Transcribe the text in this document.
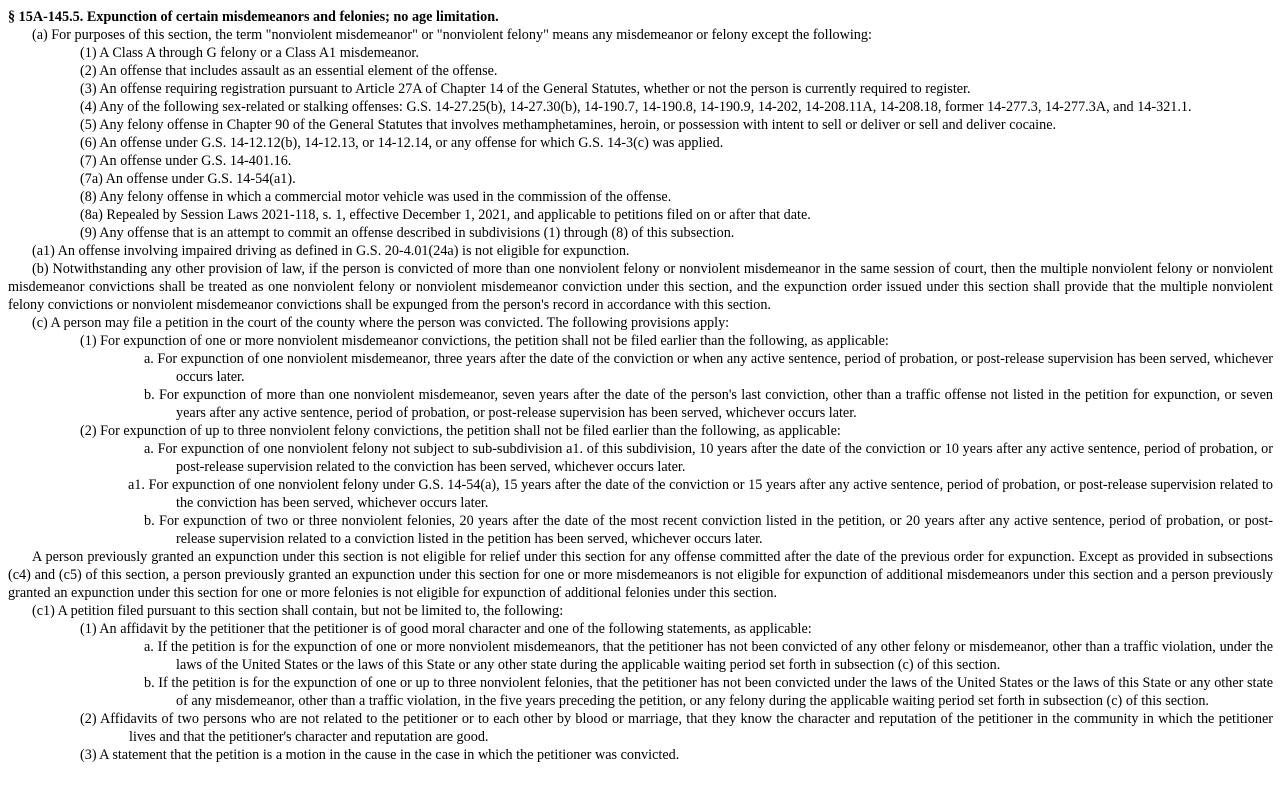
§ 15A-145.5. Expunction of certain misdemeanors and felonies; no age limitation.

(a) For purposes of this section, the term "nonviolent misdemeanor" or "nonviolent felony" means any misdemeanor or felony except the following:

(1) A Class A through G felony or a Class A1 misdemeanor.

(2) An offense that includes assault as an essential element of the offense.

(3) An offense requiring registration pursuant to Article 27A of Chapter 14 of the General Statutes, whether or not the person is currently required to register.

(4) Any of the following sex-related or stalking offenses: G.S. 14-27.25(b), 14-27.30(b), 14-190.7, 14-190.8, 14-190.9, 14-202, 14-208.11A, 14-208.18, former 14-277.3, 14-277.3A, and 14-321.1.

(5) Any felony offense in Chapter 90 of the General Statutes that involves methamphetamines, heroin, or possession with intent to sell or deliver or sell and deliver cocaine.

(6) An offense under G.S. 14-12.12(b), 14-12.13, or 14-12.14, or any offense for which G.S. 14-3(c) was applied.

(7) An offense under G.S. 14-401.16.

(7a) An offense under G.S. 14-54(a1).

(8) Any felony offense in which a commercial motor vehicle was used in the commission of the offense.

(8a) Repealed by Session Laws 2021-118, s. 1, effective December 1, 2021, and applicable to petitions filed on or after that date.

(9) Any offense that is an attempt to commit an offense described in subdivisions (1) through (8) of this subsection.

(a1) An offense involving impaired driving as defined in G.S. 20-4.01(24a) is not eligible for expunction.

(b) Notwithstanding any other provision of law, if the person is convicted of more than one nonviolent felony or nonviolent misdemeanor in the same session of court, then the multiple nonviolent felony or nonviolent misdemeanor convictions shall be treated as one nonviolent felony or nonviolent misdemeanor conviction under this section, and the expunction order issued under this section shall provide that the multiple nonviolent felony convictions or nonviolent misdemeanor convictions shall be expunged from the person's record in accordance with this section.

(c) A person may file a petition in the court of the county where the person was convicted. The following provisions apply:

(1) For expunction of one or more nonviolent misdemeanor convictions, the petition shall not be filed earlier than the following, as applicable:

a. For expunction of one nonviolent misdemeanor, three years after the date of the conviction or when any active sentence, period of probation, or post-release supervision has been served, whichever occurs later.

b. For expunction of more than one nonviolent misdemeanor, seven years after the date of the person's last conviction, other than a traffic offense not listed in the petition for expunction, or seven years after any active sentence, period of probation, or post-release supervision has been served, whichever occurs later.

(2) For expunction of up to three nonviolent felony convictions, the petition shall not be filed earlier than the following, as applicable:

a. For expunction of one nonviolent felony not subject to sub-subdivision a1. of this subdivision, 10 years after the date of the conviction or 10 years after any active sentence, period of probation, or post-release supervision related to the conviction has been served, whichever occurs later.

a1. For expunction of one nonviolent felony under G.S. 14-54(a), 15 years after the date of the conviction or 15 years after any active sentence, period of probation, or post-release supervision related to the conviction has been served, whichever occurs later.

b. For expunction of two or three nonviolent felonies, 20 years after the date of the most recent conviction listed in the petition, or 20 years after any active sentence, period of probation, or post-release supervision related to a conviction listed in the petition has been served, whichever occurs later.

A person previously granted an expunction under this section is not eligible for relief under this section for any offense committed after the date of the previous order for expunction. Except as provided in subsections (c4) and (c5) of this section, a person previously granted an expunction under this section for one or more misdemeanors is not eligible for expunction of additional misdemeanors under this section and a person previously granted an expunction under this section for one or more felonies is not eligible for expunction of additional felonies under this section.

(c1) A petition filed pursuant to this section shall contain, but not be limited to, the following:

(1) An affidavit by the petitioner that the petitioner is of good moral character and one of the following statements, as applicable:

a. If the petition is for the expunction of one or more nonviolent misdemeanors, that the petitioner has not been convicted of any other felony or misdemeanor, other than a traffic violation, under the laws of the United States or the laws of this State or any other state during the applicable waiting period set forth in subsection (c) of this section.

b. If the petition is for the expunction of one or up to three nonviolent felonies, that the petitioner has not been convicted under the laws of the United States or the laws of this State or any other state of any misdemeanor, other than a traffic violation, in the five years preceding the petition, or any felony during the applicable waiting period set forth in subsection (c) of this section.

(2) Affidavits of two persons who are not related to the petitioner or to each other by blood or marriage, that they know the character and reputation of the petitioner in the community in which the petitioner lives and that the petitioner's character and reputation are good.

(3) A statement that the petition is a motion in the cause in the case in which the petitioner was convicted.
